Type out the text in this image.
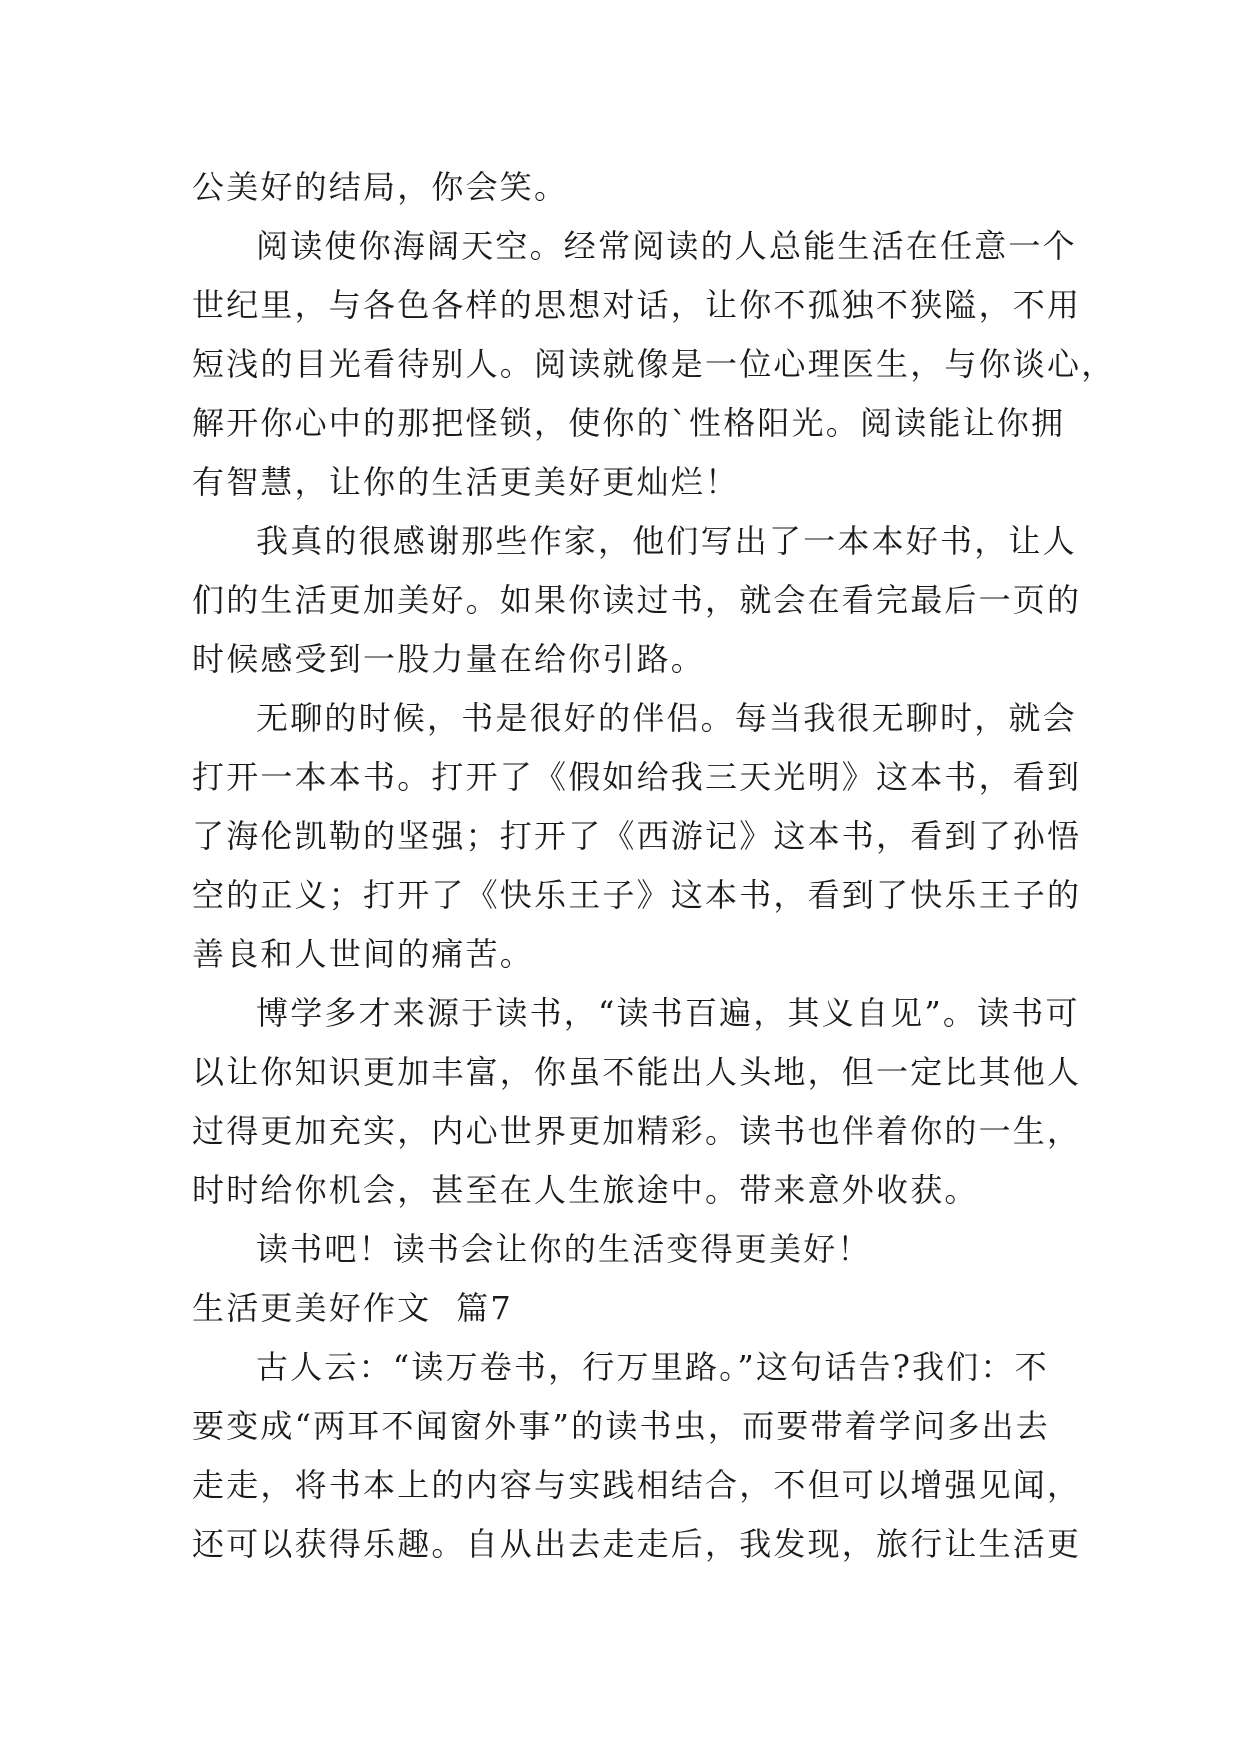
公美好的结局，你会笑。
阅读使你海阔天空。经常阅读的人总能生活在任意一个
世纪里，与各色各样的思想对话，让你不孤独不狭隘，不用
短浅的目光看待别人。阅读就像是一位心理医生，与你谈心，
解开你心中的那把怪锁，使你的`性格阳光。阅读能让你拥
有智慧，让你的生活更美好更灿烂！
我真的很感谢那些作家，他们写出了一本本好书，让人
们的生活更加美好。如果你读过书，就会在看完最后一页的
时候感受到一股力量在给你引路。
无聊的时候，书是很好的伴侣。每当我很无聊时，就会
打开一本本书。打开了《假如给我三天光明》这本书，看到
了海伦凯勒的坚强；打开了《西游记》这本书，看到了孙悟
空的正义；打开了《快乐王子》这本书，看到了快乐王子的
善良和人世间的痛苦。
博学多才来源于读书，“读书百遍，其义自见”。读书可
以让你知识更加丰富，你虽不能出人头地，但一定比其他人
过得更加充实，内心世界更加精彩。读书也伴着你的一生，
时时给你机会，甚至在人生旅途中。带来意外收获。
读书吧！读书会让你的生活变得更美好！
生活更美好作文  篇7
古人云：“读万卷书，行万里路。”这句话告?我们：不
要变成“两耳不闻窗外事”的读书虫，而要带着学问多出去
走走，将书本上的内容与实践相结合，不但可以增强见闻，
还可以获得乐趣。自从出去走走后，我发现，旅行让生活更
